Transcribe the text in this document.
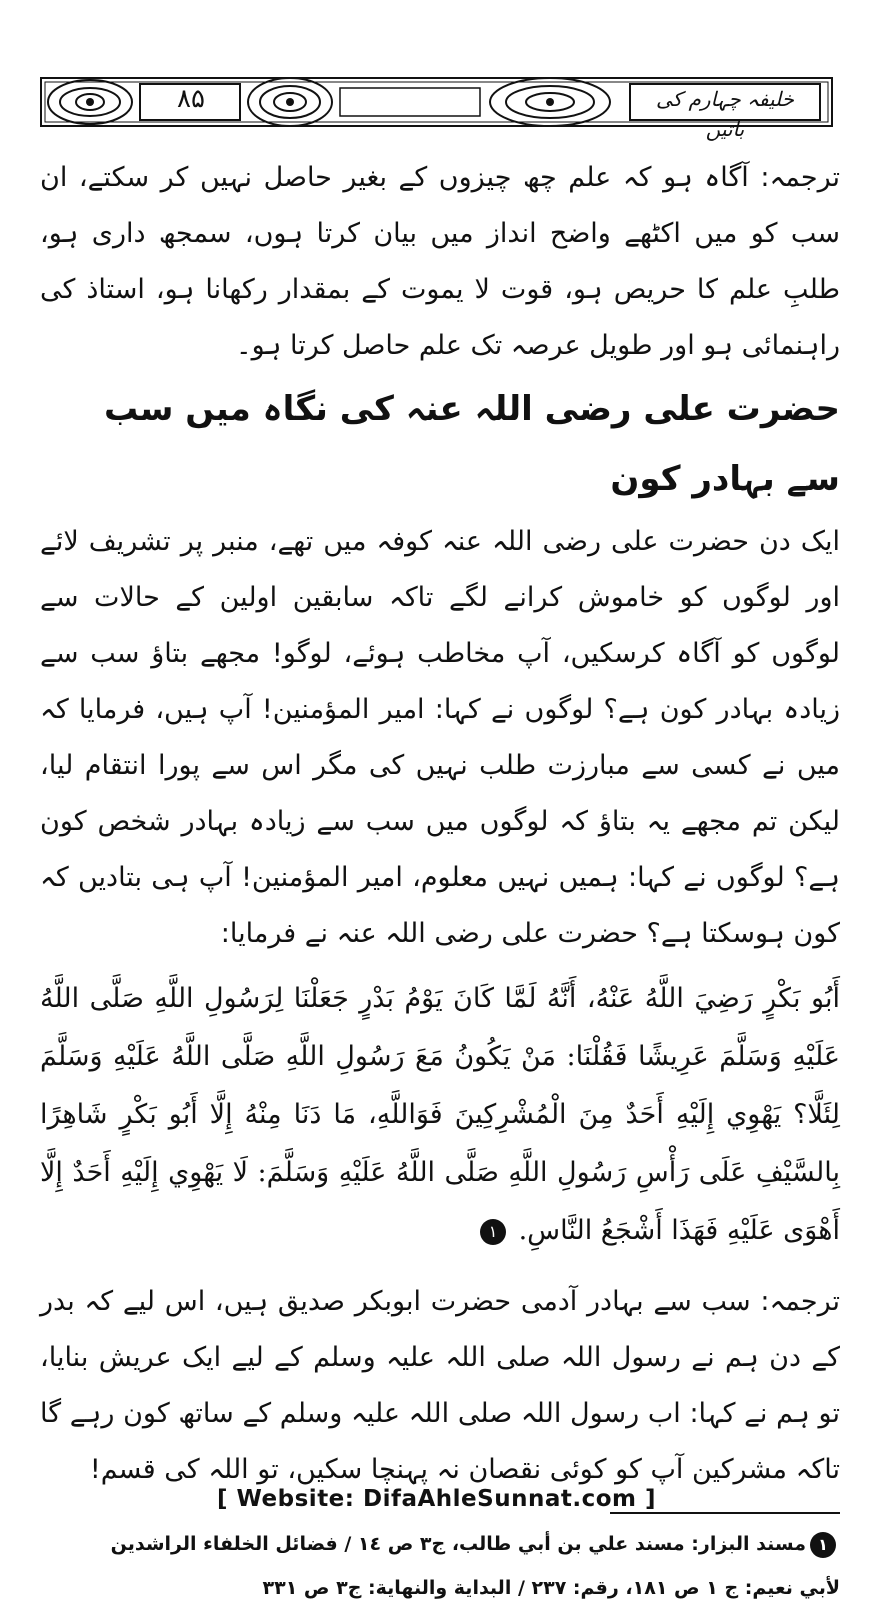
٨۵	خلیفہ چہارم کی باتیں

ترجمہ: آگاہ ہو کہ علم چھ چیزوں کے بغیر حاصل نہیں کر سکتے، ان سب کو میں اکٹھے واضح انداز میں بیان کرتا ہوں، سمجھ داری ہو، طلبِ علم کا حریص ہو، قوت لا یموت کے بمقدار رکھانا ہو، استاذ کی راہنمائی ہو اور طویل عرصہ تک علم حاصل کرتا ہو۔

حضرت علی رضی اللہ عنہ کی نگاہ میں سب سے بہادر کون

ایک دن حضرت علی رضی اللہ عنہ کوفہ میں تھے، منبر پر تشریف لائے اور لوگوں کو خاموش کرانے لگے تاکہ سابقین اولین کے حالات سے لوگوں کو آگاہ کرسکیں، آپ مخاطب ہوئے، لوگو! مجھے بتاؤ سب سے زیادہ بہادر کون ہے؟ لوگوں نے کہا: امیر المؤمنین! آپ ہیں، فرمایا کہ میں نے کسی سے مبارزت طلب نہیں کی مگر اس سے پورا انتقام لیا، لیکن تم مجھے یہ بتاؤ کہ لوگوں میں سب سے زیادہ بہادر شخص کون ہے؟ لوگوں نے کہا: ہمیں نہیں معلوم، امیر المؤمنین! آپ ہی بتادیں کہ کون ہوسکتا ہے؟ حضرت علی رضی اللہ عنہ نے فرمایا:

أَبُو بَكْرٍ رَضِيَ اللَّهُ عَنْهُ، أَنَّهُ لَمَّا كَانَ يَوْمُ بَدْرٍ جَعَلْنَا لِرَسُولِ اللَّهِ صَلَّى اللَّهُ عَلَيْهِ وَسَلَّمَ عَرِيشًا فَقُلْنَا: مَنْ يَكُونُ مَعَ رَسُولِ اللَّهِ صَلَّى اللَّهُ عَلَيْهِ وَسَلَّمَ لِئَلَّا؟ يَهْوِي إِلَيْهِ أَحَدٌ مِنَ الْمُشْرِكِينَ فَوَاللَّهِ، مَا دَنَا مِنْهُ إِلَّا أَبُو بَكْرٍ شَاهِرًا بِالسَّيْفِ عَلَى رَأْسِ رَسُولِ اللَّهِ صَلَّى اللَّهُ عَلَيْهِ وَسَلَّمَ: لَا يَهْوِي إِلَيْهِ أَحَدٌ إِلَّا أَهْوَى عَلَيْهِ فَهَذَا أَشْجَعُ النَّاسِ. ١

ترجمہ: سب سے بہادر آدمی حضرت ابوبکر صدیق ہیں، اس لیے کہ بدر کے دن ہم نے رسول اللہ صلی اللہ علیہ وسلم کے لیے ایک عریش بنایا، تو ہم نے کہا: اب رسول اللہ صلی اللہ علیہ وسلم کے ساتھ کون رہے گا تاکہ مشرکین آپ کو کوئی نقصان نہ پہنچا سکیں، تو اللہ کی قسم!

١مسند البزار: مسند علي بن أبي طالب، ج٣ ص ١٤ / فضائل الخلفاء الراشدين

لأبي نعيم: ج ١ ص ١٨١، رقم: ٢٣٧ / البداية والنهاية: ج٣ ص ٣٣١

[ Website: DifaAhleSunnat.com ]
